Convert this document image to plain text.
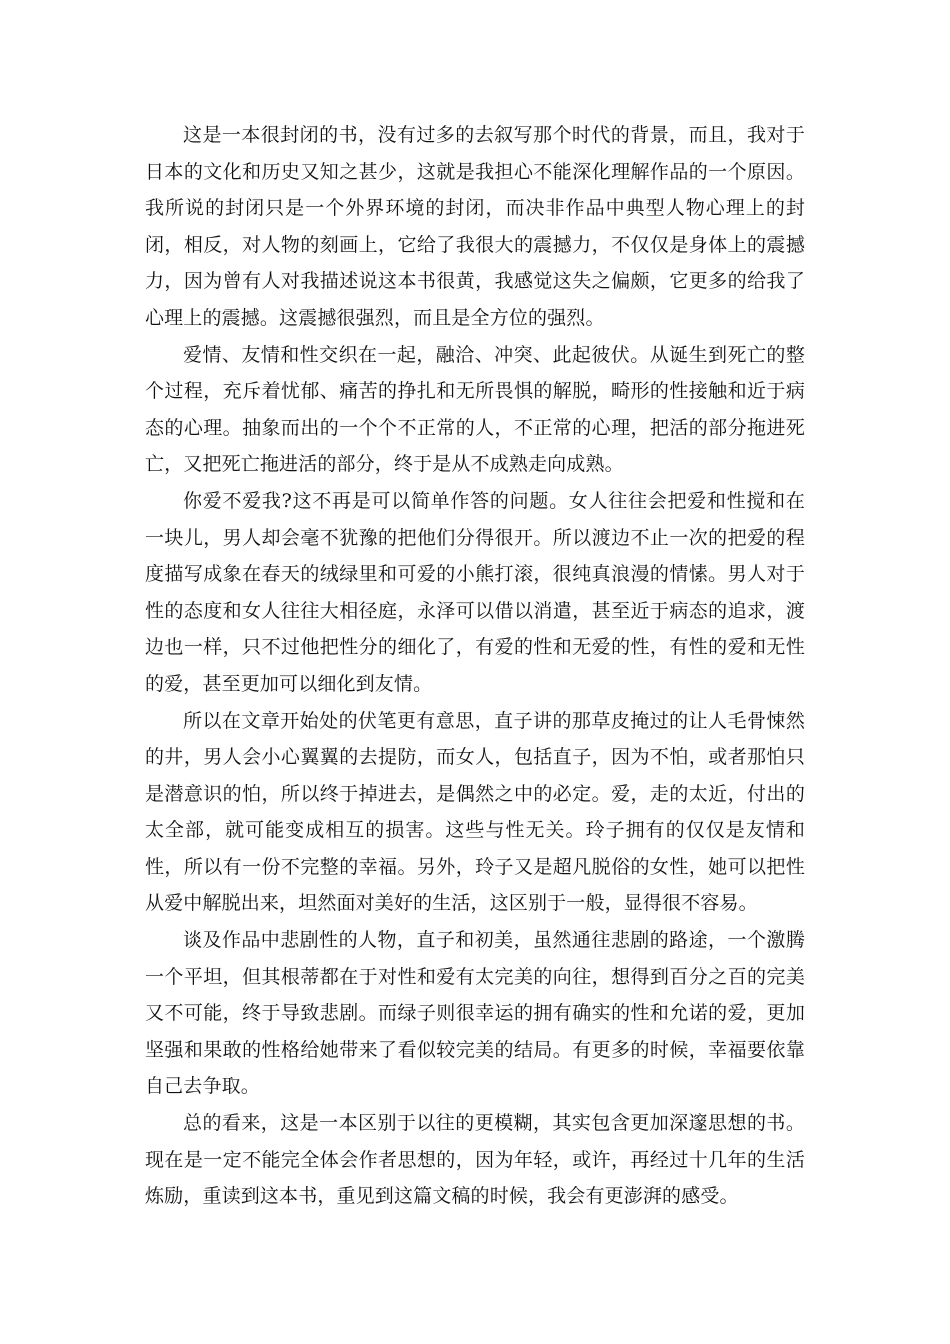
这是一本很封闭的书，没有过多的去叙写那个时代的背景，而且，我对于日本的文化和历史又知之甚少，这就是我担心不能深化理解作品的一个原因。我所说的封闭只是一个外界环境的封闭，而决非作品中典型人物心理上的封闭，相反，对人物的刻画上，它给了我很大的震撼力，不仅仅是身体上的震撼力，因为曾有人对我描述说这本书很黄，我感觉这失之偏颇，它更多的给我了心理上的震撼。这震撼很强烈，而且是全方位的强烈。

爱情、友情和性交织在一起，融洽、冲突、此起彼伏。从诞生到死亡的整个过程，充斥着忧郁、痛苦的挣扎和无所畏惧的解脱，畸形的性接触和近于病态的心理。抽象而出的一个个不正常的人，不正常的心理，把活的部分拖进死亡，又把死亡拖进活的部分，终于是从不成熟走向成熟。

你爱不爱我?这不再是可以简单作答的问题。女人往往会把爱和性搅和在一块儿，男人却会毫不犹豫的把他们分得很开。所以渡边不止一次的把爱的程度描写成象在春天的绒绿里和可爱的小熊打滚，很纯真浪漫的情愫。男人对于性的态度和女人往往大相径庭，永泽可以借以消遣，甚至近于病态的追求，渡边也一样，只不过他把性分的细化了，有爱的性和无爱的性，有性的爱和无性的爱，甚至更加可以细化到友情。

所以在文章开始处的伏笔更有意思，直子讲的那草皮掩过的让人毛骨悚然的井，男人会小心翼翼的去提防，而女人，包括直子，因为不怕，或者那怕只是潜意识的怕，所以终于掉进去，是偶然之中的必定。爱，走的太近，付出的太全部，就可能变成相互的损害。这些与性无关。玲子拥有的仅仅是友情和性，所以有一份不完整的幸福。另外，玲子又是超凡脱俗的女性，她可以把性从爱中解脱出来，坦然面对美好的生活，这区别于一般，显得很不容易。

谈及作品中悲剧性的人物，直子和初美，虽然通往悲剧的路途，一个激腾一个平坦，但其根蒂都在于对性和爱有太完美的向往，想得到百分之百的完美又不可能，终于导致悲剧。而绿子则很幸运的拥有确实的性和允诺的爱，更加坚强和果敢的性格给她带来了看似较完美的结局。有更多的时候，幸福要依靠自己去争取。

总的看来，这是一本区别于以往的更模糊，其实包含更加深邃思想的书。现在是一定不能完全体会作者思想的，因为年轻，或许，再经过十几年的生活炼励，重读到这本书，重见到这篇文稿的时候，我会有更澎湃的感受。
